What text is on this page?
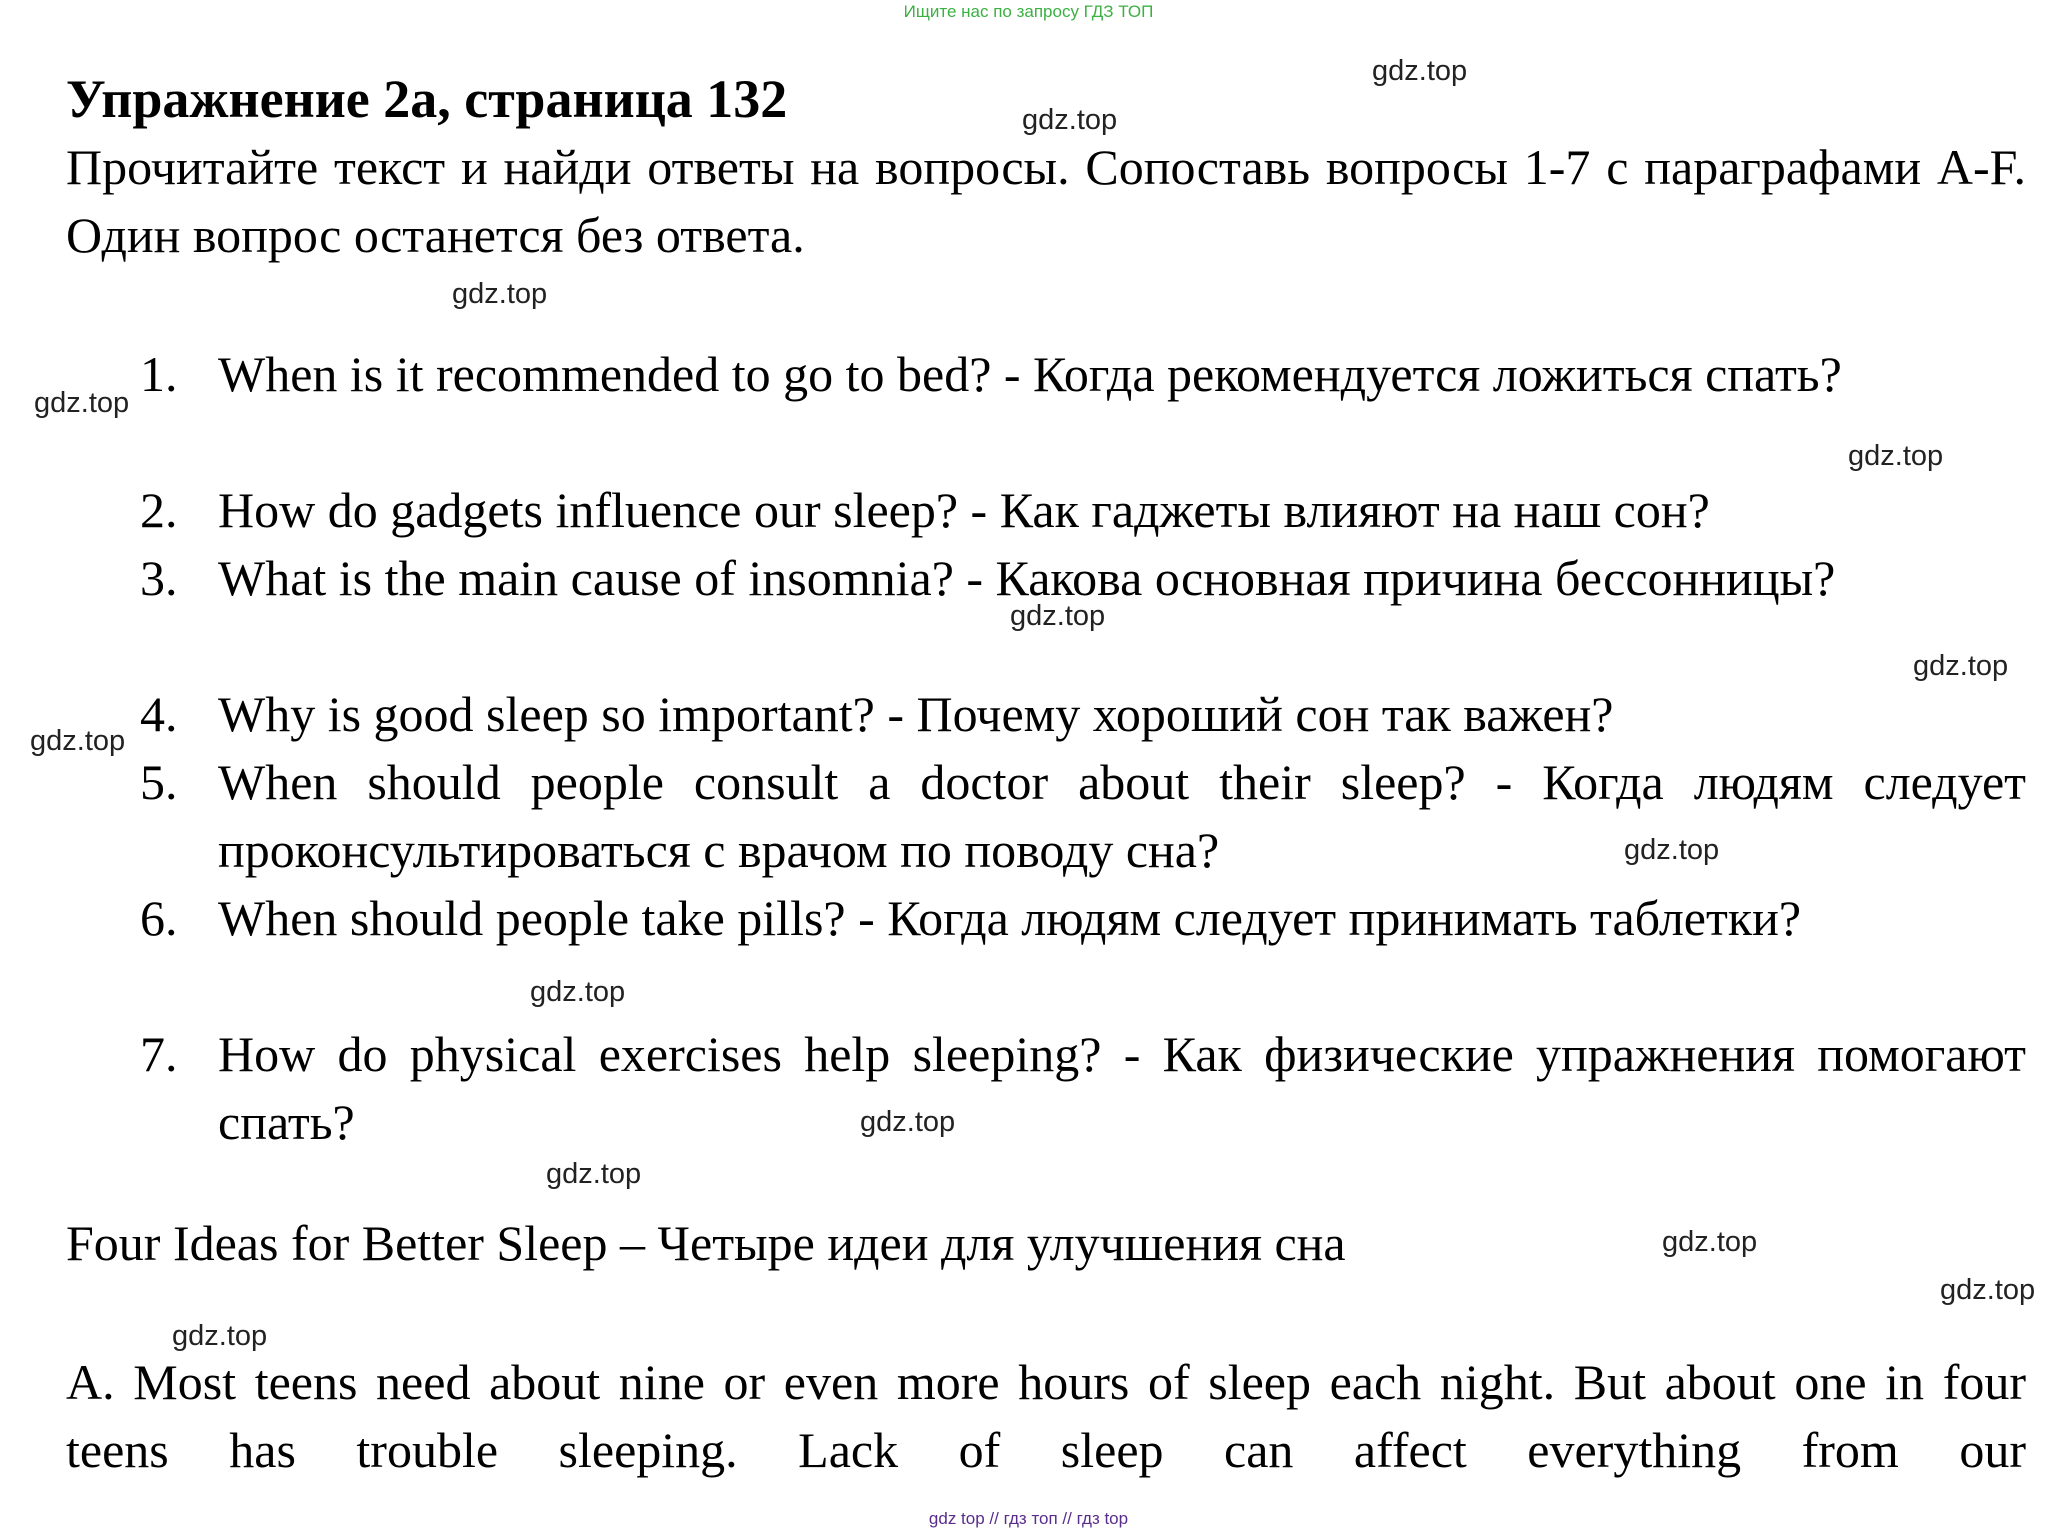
Ищите нас по запросу ГДЗ ТОП
Упражнение 2а, страница 132
Прочитайте текст и найди ответы на вопросы. Сопоставь вопросы 1-7 с параграфами A-F. Один вопрос останется без ответа.
1. When is it recommended to go to bed? - Когда рекомендуется ложиться спать?
2. How do gadgets influence our sleep? - Как гаджеты влияют на наш сон?
3. What is the main cause of insomnia? - Какова основная причина бессонницы?
4. Why is good sleep so important? - Почему хороший сон так важен?
5. When should people consult a doctor about their sleep? - Когда людям следует проконсультироваться с врачом по поводу сна?
6. When should people take pills? - Когда людям следует принимать таблетки?
7. How do physical exercises help sleeping? - Как физические упражнения помогают спать?
Four Ideas for Better Sleep – Четыре идеи для улучшения сна
A. Most teens need about nine or even more hours of sleep each night. But about one in four teens has trouble sleeping. Lack of sleep can affect everything from our
gdz.top
gdz.top
gdz.top
gdz.top
gdz.top
gdz.top
gdz.top
gdz.top
gdz.top
gdz.top
gdz.top
gdz.top
gdz.top
gdz.top
gdz.top
gdz top // гдз топ // гдз top
